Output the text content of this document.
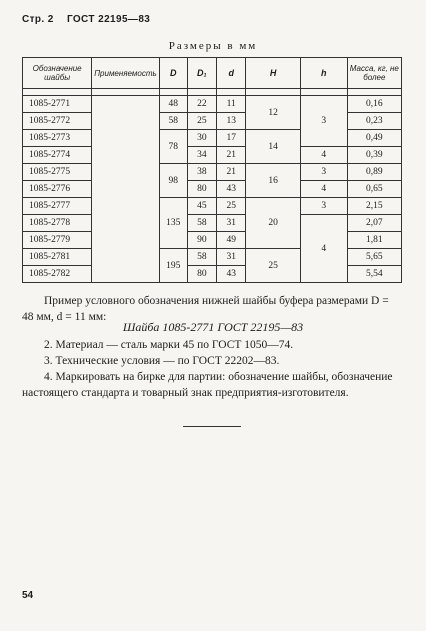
Стр. 2 ГОСТ 22195—83
Размеры в мм
Обозначение шайбы	Применяемость	D	D₁	d	H	h	Масса, кг, не более

1085-2771		48	22	11	12	3	0,16
1085-2772		58	25	13			0,23
1085-2773		78	30	17	14		0,49
1085-2774			34	21		4	0,39
1085-2775		98	38	21	16	3	0,89
1085-2776			80	43		4	0,65
1085-2777		135	45	25	20	3	2,15
1085-2778			58	31		4	2,07
1085-2779			90	49			1,81
1085-2781		195	58	31	25		5,65
1085-2782			80	43			5,54
Пример условного обозначения нижней шайбы буфера размерами D = 48 мм, d = 11 мм:
Шайба 1085-2771 ГОСТ 22195—83
2. Материал — сталь марки 45 по ГОСТ 1050—74.
3. Технические условия — по ГОСТ 22202—83.
4. Маркировать на бирке для партии: обозначение шайбы, обозначение настоящего стандарта и товарный знак предприятия-изготовителя.
54
